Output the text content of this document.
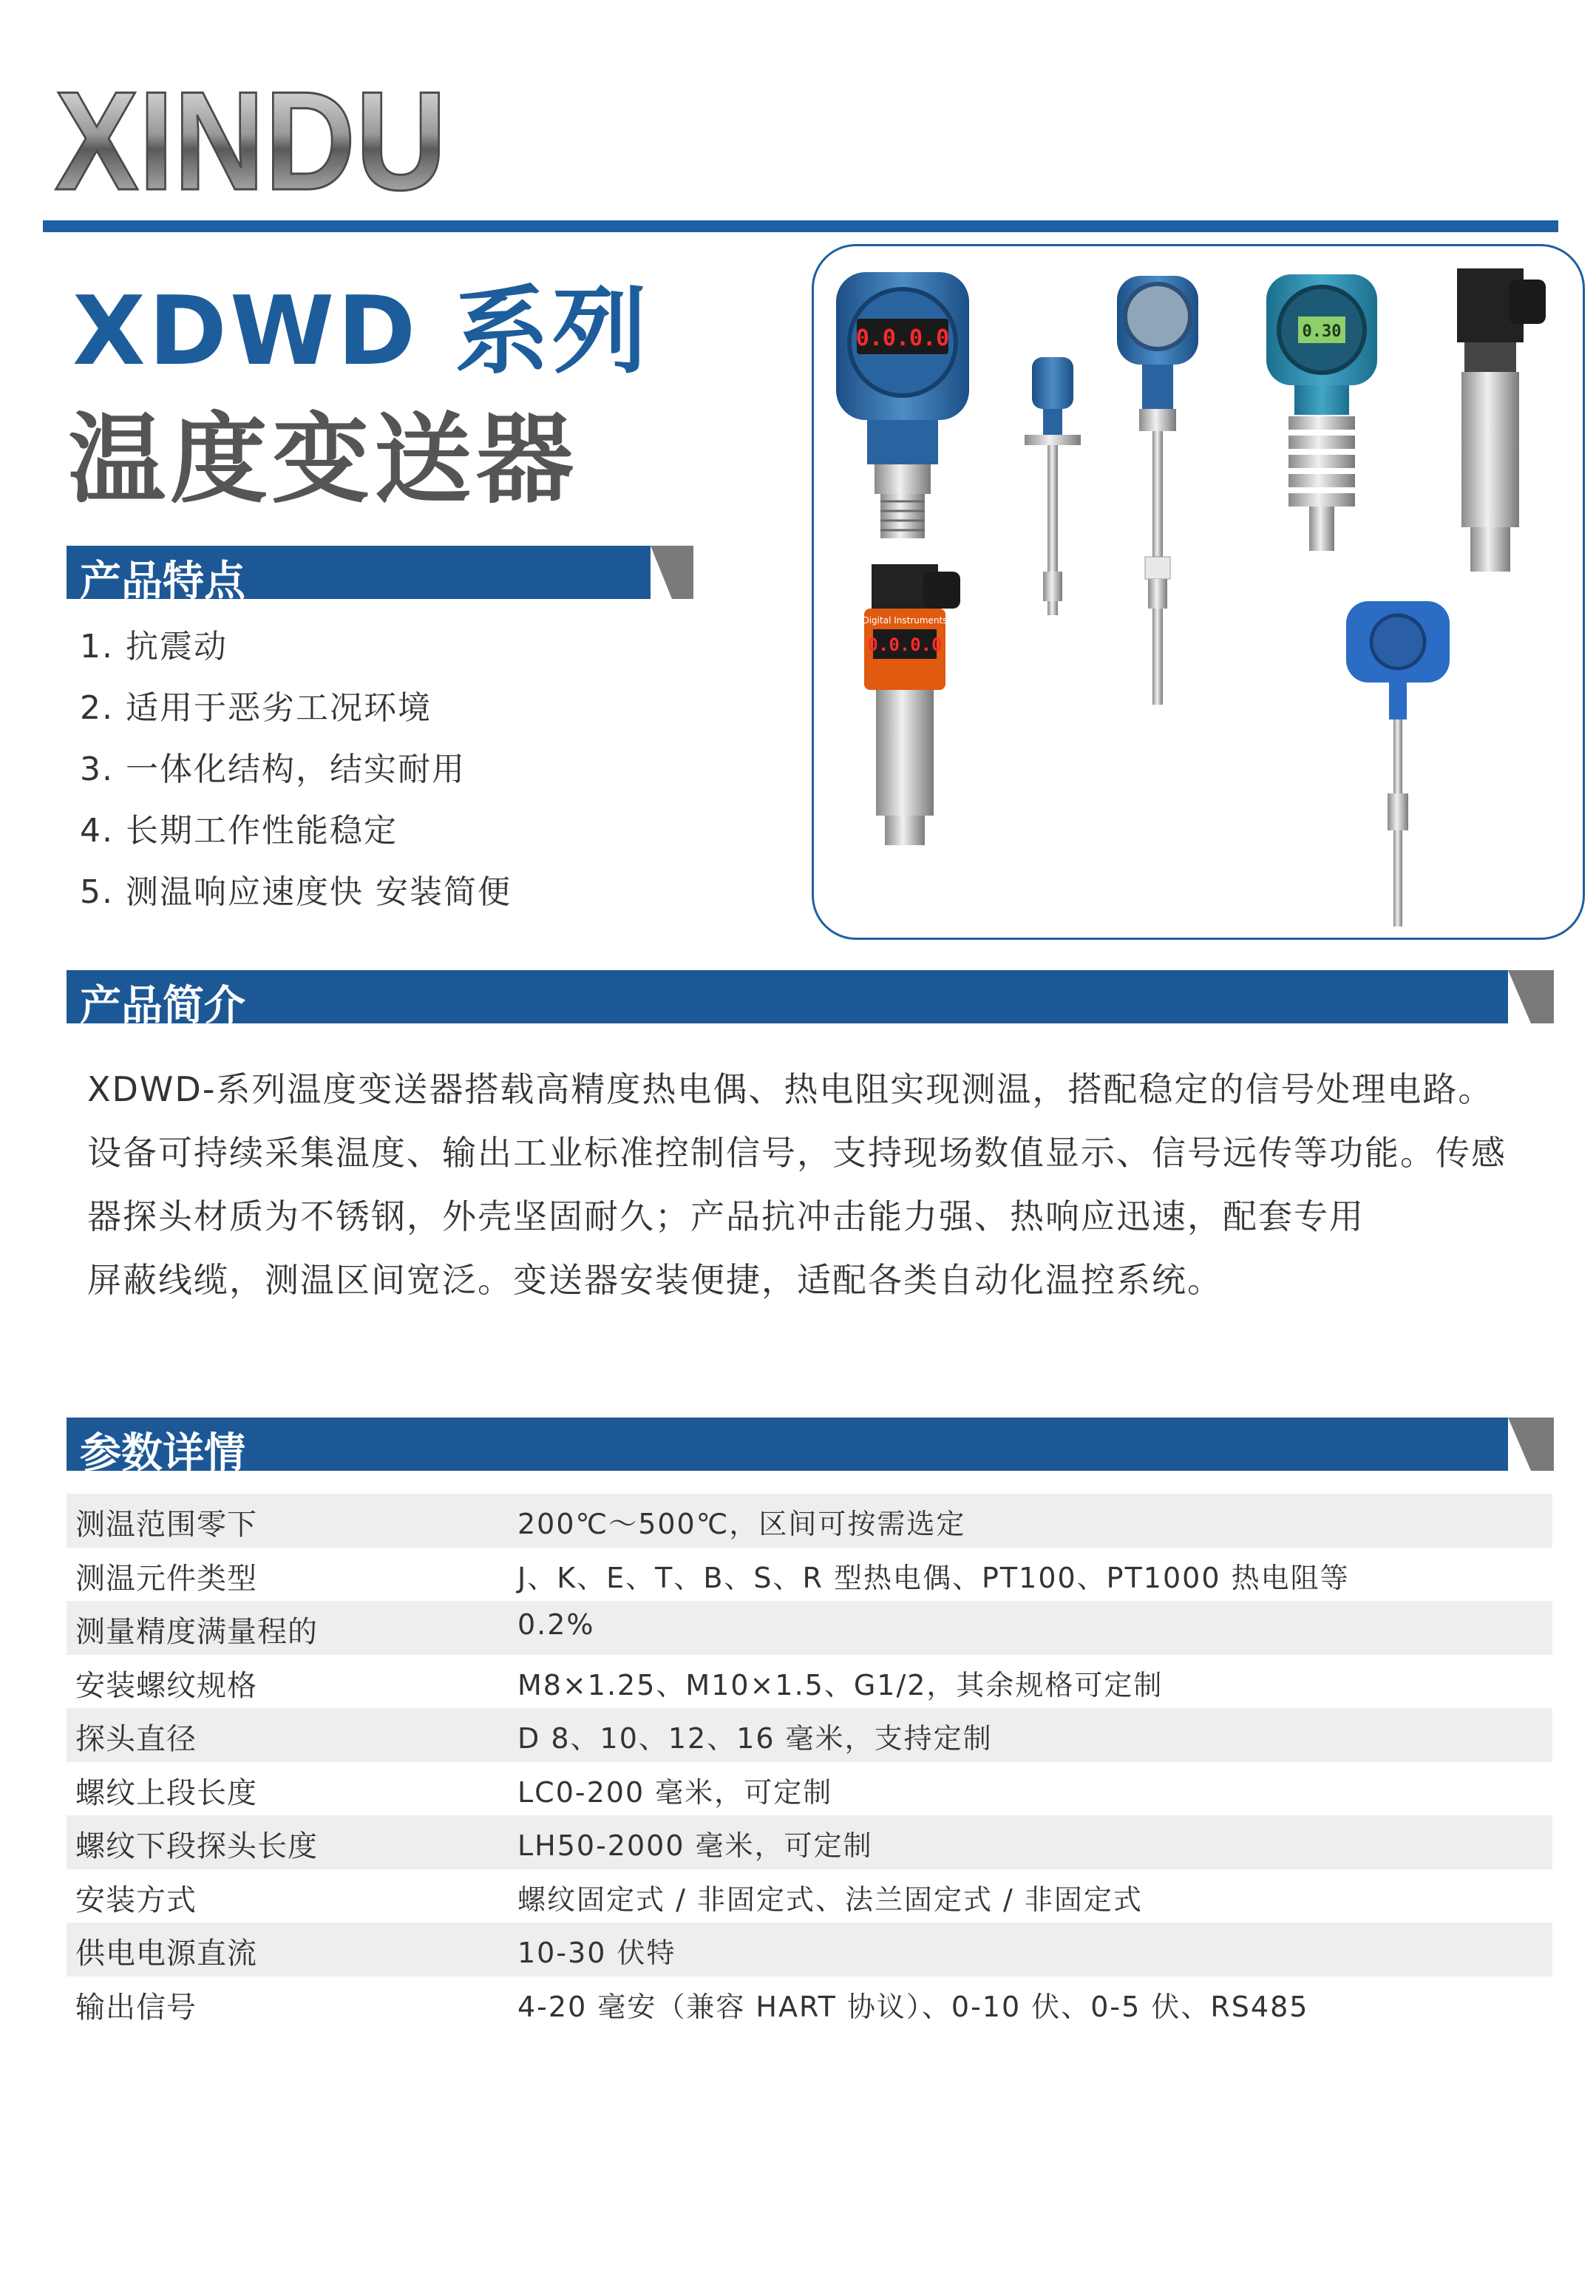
XINDU
XDWD 系列
温度变送器
产品特点
1. 抗震动
2. 适用于恶劣工况环境
3. 一体化结构，结实耐用
4. 长期工作性能稳定
5. 测温响应速度快 安装简便
0.0.0.0	0.30
Digital Instruments
0.0.0.0
产品简介
XDWD-系列温度变送器搭载高精度热电偶、热电阻实现测温，搭配稳定的信号处理电路。
设备可持续采集温度、输出工业标准控制信号，支持现场数值显示、信号远传等功能。传感
器探头材质为不锈钢，外壳坚固耐久；产品抗冲击能力强、热响应迅速，配套专用
屏蔽线缆，测温区间宽泛。变送器安装便捷，适配各类自动化温控系统。
参数详情
测温范围零下	200℃～500℃，区间可按需选定
测温元件类型	J、K、E、T、B、S、R 型热电偶、PT100、PT1000 热电阻等
测量精度满量程的	0.2%
安装螺纹规格	M8×1.25、M10×1.5、G1/2，其余规格可定制
探头直径	D 8、10、12、16 毫米，支持定制
螺纹上段长度	LC0-200 毫米，可定制
螺纹下段探头长度	LH50-2000 毫米，可定制
安装方式	螺纹固定式 / 非固定式、法兰固定式 / 非固定式
供电电源直流	10-30 伏特
输出信号	4-20 毫安（兼容 HART 协议）、0-10 伏、0-5 伏、RS485
